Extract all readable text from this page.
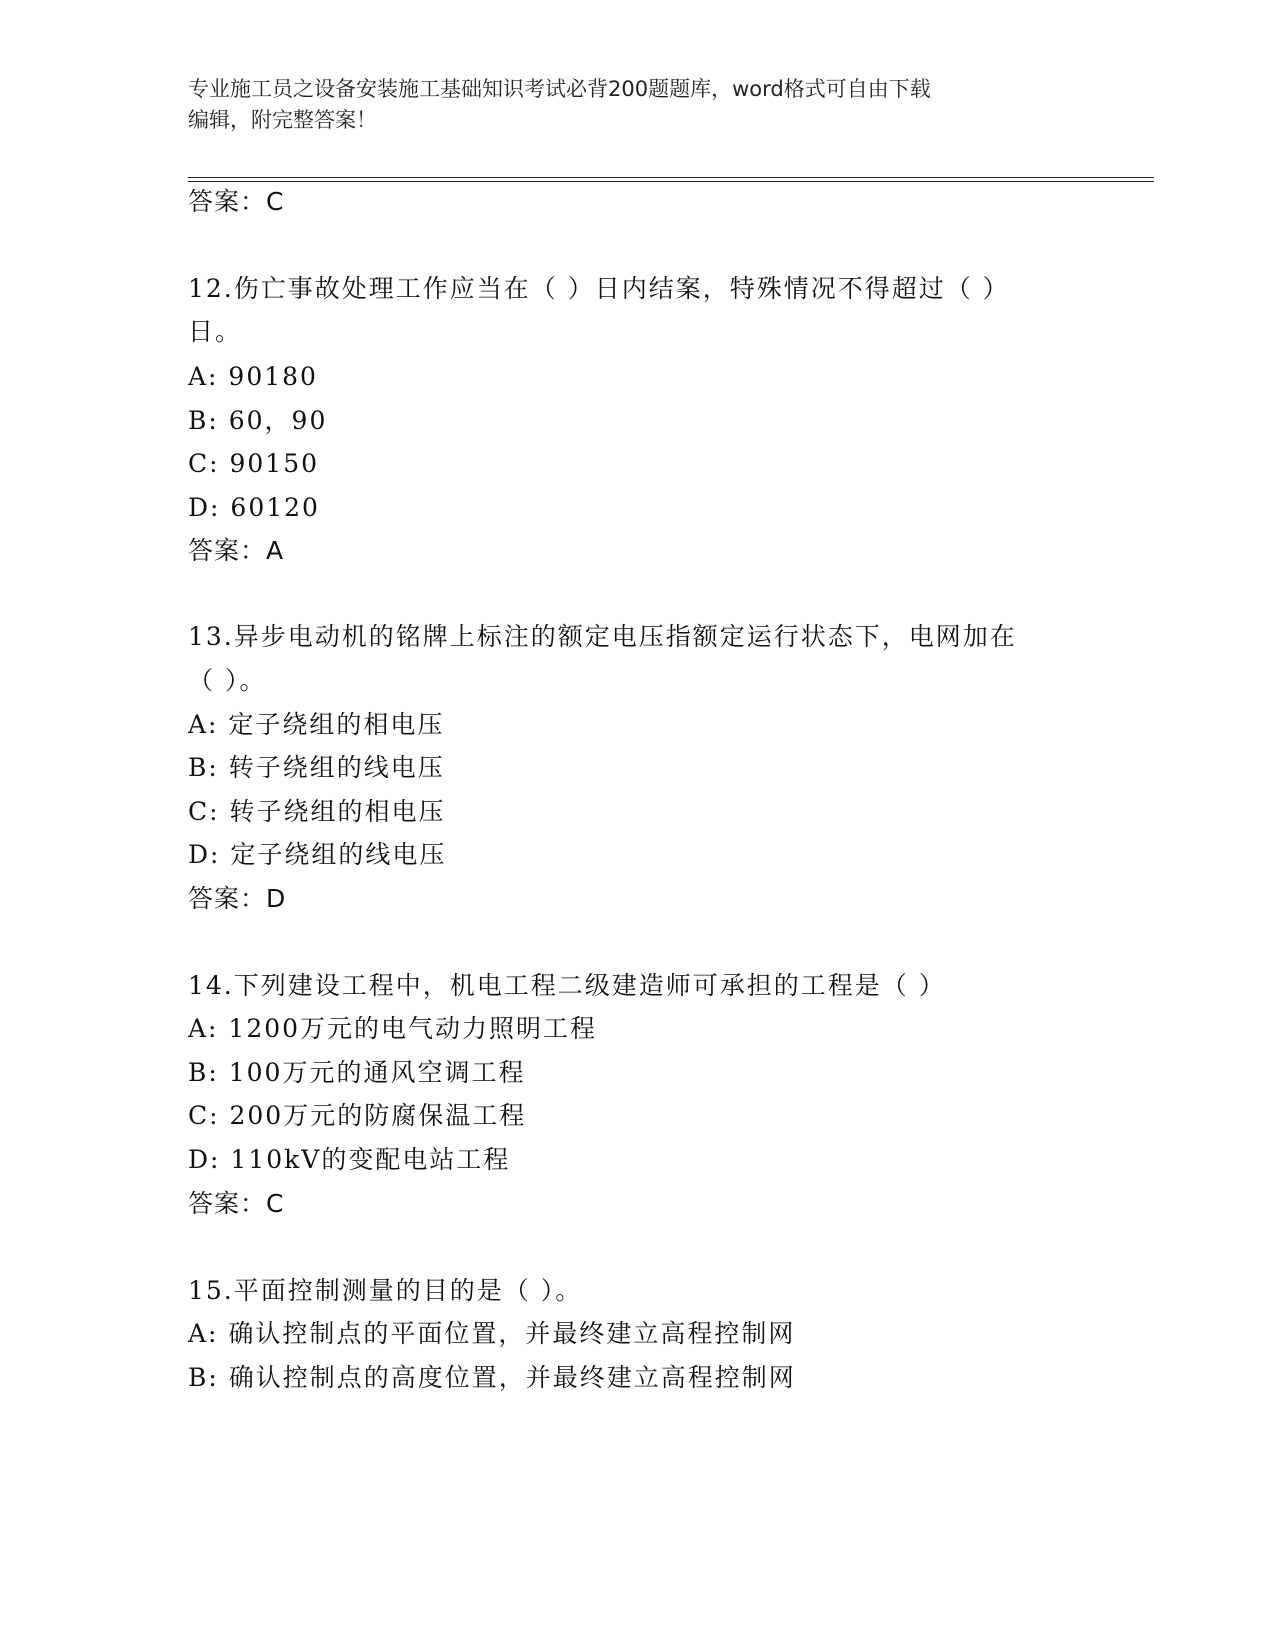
专业施工员之设备安装施工基础知识考试必背200题题库，word格式可自由下载
编辑，附完整答案！
答案：C
12.伤亡事故处理工作应当在（ ）日内结案，特殊情况不得超过（ ）
日。
A: 90180
B: 60，90
C: 90150
D: 60120
答案：A
13.异步电动机的铭牌上标注的额定电压指额定运行状态下，电网加在
（ ）。
A: 定子绕组的相电压
B: 转子绕组的线电压
C: 转子绕组的相电压
D: 定子绕组的线电压
答案：D
14.下列建设工程中，机电工程二级建造师可承担的工程是（ ）
A: 1200万元的电气动力照明工程
B: 100万元的通风空调工程
C: 200万元的防腐保温工程
D: 110kV的变配电站工程
答案：C
15.平面控制测量的目的是（ ）。
A: 确认控制点的平面位置，并最终建立高程控制网
B: 确认控制点的高度位置，并最终建立高程控制网
